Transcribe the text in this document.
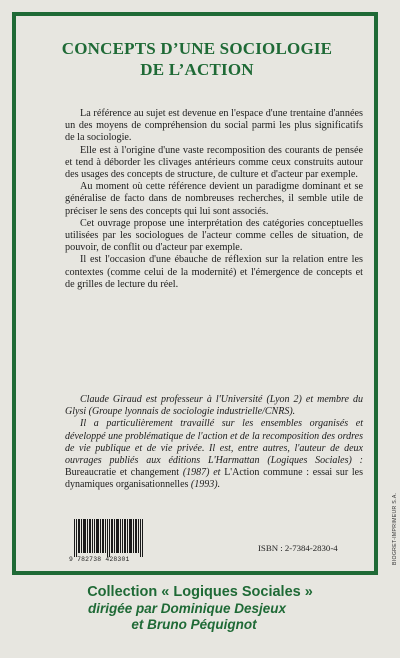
CONCEPTS D’UNE SOCIOLOGIE
DE L’ACTION

La référence au sujet est devenue en l'espace d'une trentaine d'années un des moyens de compréhension du social parmi les plus significatifs de la sociologie.

Elle est à l'origine d'une vaste recomposition des courants de pensée et tend à déborder les clivages antérieurs comme ceux construits autour des usages des concepts de structure, de culture et d'acteur par exemple.

Au moment où cette référence devient un paradigme dominant et se généralise de facto dans de nombreuses recherches, il semble utile de préciser le sens des concepts qui lui sont associés.

Cet ouvrage propose une interprétation des catégories conceptuelles utilisées par les sociologues de l'acteur comme celles de situation, de pouvoir, de conflit ou d'acteur par exemple.

Il est l'occasion d'une ébauche de réflexion sur la relation entre les contextes (comme celui de la modernité) et l'émergence de concepts et de grilles de lecture du réel.

Claude Giraud est professeur à l'Université (Lyon 2) et membre du Glysi (Groupe lyonnais de sociologie industrielle/CNRS).

Il a particulièrement travaillé sur les ensembles organisés et développé une problématique de l'action et de la recomposition des ordres de vie publique et de vie privée. Il est, entre autres, l'auteur de deux ouvrages publiés aux éditions L'Harmattan (Logiques Sociales) : Bureaucratie et changement (1987) et L'Action commune : essai sur les dynamiques organisationnelles (1993).

9 782738 428301
ISBN : 2-7384-2830-4	BIOGRET-IMPRIMEUR S.A.
Collection « Logiques Sociales »
dirigée par Dominique Desjeux
et Bruno Péquignot
